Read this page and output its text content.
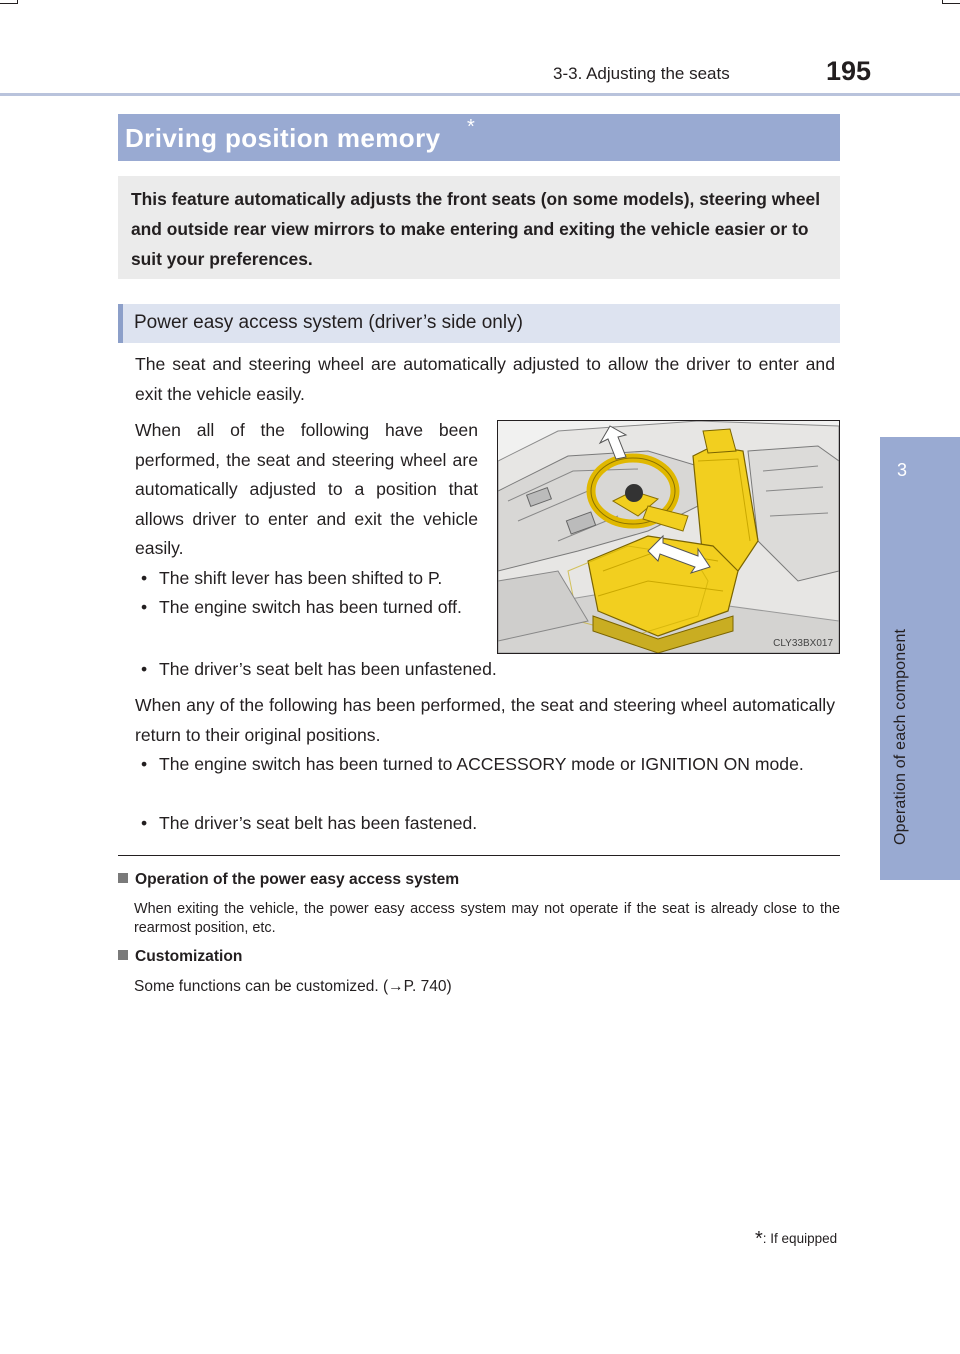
3-3. Adjusting the seats	195
3
Operation of each component
Driving position memory *
This feature automatically adjusts the front seats (on some models), steering wheel and outside rear view mirrors to make entering and exiting the vehicle easier or to suit your preferences.
Power easy access system (driver’s side only)
The seat and steering wheel are automatically adjusted to allow the driver to enter and exit the vehicle easily.
When all of the following have been performed, the seat and steering wheel are automatically adjusted to a position that allows driver to enter and exit the vehicle easily.
• The shift lever has been shifted to P.
• The engine switch has been turned off.
• The driver’s seat belt has been unfastened.
When any of the following has been performed, the seat and steering wheel automatically return to their original positions.
• The engine switch has been turned to ACCESSORY mode or IGNITION ON mode.
• The driver’s seat belt has been fastened.
CLY33BX017
Operation of the power easy access system
When exiting the vehicle, the power easy access system may not operate if the seat is already close to the rearmost position, etc.
Customization
Some functions can be customized. (→P. 740)
*: If equipped
